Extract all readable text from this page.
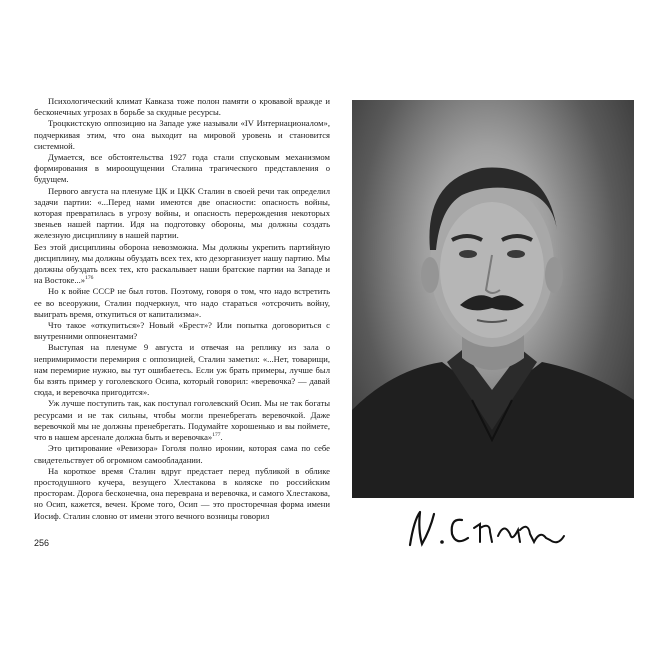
Психологический климат Кавказа тоже полон памяти о кровавой вражде и бесконечных угрозах в борьбе за скудные ресурсы.

Троцкистскую оппозицию на Западе уже называли «IV Интернационалом», подчеркивая этим, что она выходит на мировой уровень и становится системной.

Думается, все обстоятельства 1927 года стали спусковым механизмом формирования в мироощущении Сталина трагического представления о будущем.

Первого августа на пленуме ЦК и ЦКК Сталин в своей речи так определил задачи партии: «...Перед нами имеются две опасности: опасность войны, которая превратилась в угрозу войны, и опасность перерождения некоторых звеньев нашей партии. Идя на подготовку обороны, мы должны создать железную дисциплину в нашей партии.

Без этой дисциплины оборона невозможна. Мы должны укрепить партийную дисциплину, мы должны обуздать всех тех, кто дезорганизует нашу партию. Мы должны обуздать всех тех, кто раскалывает наши братские партии на Западе и на Востоке...»$^{176}$

Но к войне СССР не был готов. Поэтому, говоря о том, что надо встретить ее во всеоружии, Сталин подчеркнул, что надо стараться «отсрочить войну, выиграть время, откупиться от капитализма».

Что такое «откупиться»? Новый «Брест»? Или попытка договориться с внутренними оппонентами?

Выступая на пленуме 9 августа и отвечая на реплику из зала о непримиримости перемирия с оппозицией, Сталин заметил: «...Нет, товарищи, нам перемирие нужно, вы тут ошибаетесь. Если уж брать примеры, лучше был бы взять пример у гоголевского Осипа, который говорил: «веревочка? — давай сюда, и веревочка пригодится».

Уж лучше поступить так, как поступал гоголевский Осип. Мы не так богаты ресурсами и не так сильны, чтобы могли пренебрегать веревочкой. Даже веревочкой мы не должны пренебрегать. Подумайте хорошенько и вы поймете, что в нашем арсенале должна быть и веревочка»$^{177}$.

Это цитирование «Ревизора» Гоголя полно иронии, которая сама по себе свидетельствует об огромном самообладании.

На короткое время Сталин вдруг предстает перед публикой в облике простодушного кучера, везущего Хлестакова в коляске по российским просторам. Дорога бесконечна, она переврана и веревочка, и самого Хлестакова, но Осип, кажется, вечен. Кроме того, Осип — это просторечная форма имени Иосиф. Сталин словно от имени этого вечного возницы говорил

256
